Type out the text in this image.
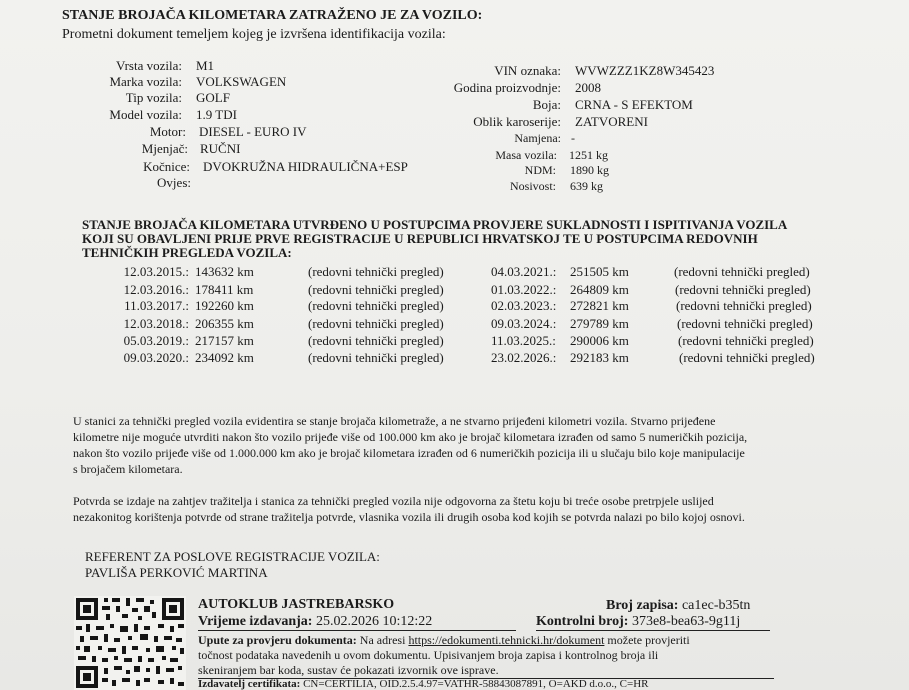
STANJE BROJAČA KILOMETARA ZATRAŽENO JE ZA VOZILO:
Prometni dokument temeljem kojeg je izvršena identifikacija vozila:
Vrsta vozila: M1
Marka vozila: VOLKSWAGEN
Tip vozila: GOLF
Model vozila: 1.9 TDI
Motor: DIESEL - EURO IV
Mjenjač: RUČNI
Kočnice: DVOKRUŽNA HIDRAULIČNA+ESP
Ovjes:
VIN oznaka: WVWZZZ1KZ8W345423
Godina proizvodnje: 2008
Boja: CRNA - S EFEKTOM
Oblik karoserije: ZATVORENI
Namjena: -
Masa vozila: 1251 kg
NDM: 1890 kg
Nosivost: 639 kg
STANJE BROJAČA KILOMETARA UTVRĐENO U POSTUPCIMA PROVJERE SUKLADNOSTI I ISPITIVANJA VOZILA
KOJI SU OBAVLJENI PRIJE PRVE REGISTRACIJE U REPUBLICI HRVATSKOJ TE U POSTUPCIMA REDOVNIH
TEHNIČKIH PREGLEDA VOZILA:
12.03.2015.: 143632 km	(redovni tehnički pregled)
12.03.2016.: 178411 km	(redovni tehnički pregled)
11.03.2017.: 192260 km	(redovni tehnički pregled)
12.03.2018.: 206355 km	(redovni tehnički pregled)
05.03.2019.: 217157 km	(redovni tehnički pregled)
09.03.2020.: 234092 km	(redovni tehnički pregled)
04.03.2021.: 251505 km	(redovni tehnički pregled)
01.03.2022.: 264809 km	(redovni tehnički pregled)
02.03.2023.: 272821 km	(redovni tehnički pregled)
09.03.2024.: 279789 km	(redovni tehnički pregled)
11.03.2025.: 290006 km	(redovni tehnički pregled)
23.02.2026.: 292183 km	(redovni tehnički pregled)
U stanici za tehnički pregled vozila evidentira se stanje brojača kilometraže, a ne stvarno prijeđeni kilometri vozila. Stvarno prijeđene
kilometre nije moguće utvrditi nakon što vozilo prijeđe više od 100.000 km ako je brojač kilometara izrađen od samo 5 numeričkih pozicija,
nakon što vozilo prijeđe više od 1.000.000 km ako je brojač kilometara izrađen od 6 numeričkih pozicija ili u slučaju bilo koje manipulacije
s brojačem kilometara.
Potvrda se izdaje na zahtjev tražitelja i stanica za tehnički pregled vozila nije odgovorna za štetu koju bi treće osobe pretrpjele uslijed
nezakonitog korištenja potvrde od strane tražitelja potvrde, vlasnika vozila ili drugih osoba kod kojih se potvrda nalazi po bilo kojoj osnovi.
REFERENT ZA POSLOVE REGISTRACIJE VOZILA:
PAVLIŠA PERKOVIĆ MARTINA
AUTOKLUB JASTREBARSKO	Broj zapisa: ca1ec-b35tn
Vrijeme izdavanja: 25.02.2026 10:12:22	Kontrolni broj: 373e8-bea63-9g11j
Upute za provjeru dokumenta: Na adresi https://edokumenti.tehnicki.hr/dokument možete provjeriti
točnost podataka navedenih u ovom dokumentu. Upisivanjem broja zapisa i kontrolnog broja ili
skeniranjem bar koda, sustav će pokazati izvornik ove isprave.
Izdavatelj certifikata: CN=CERTILIA, OID.2.5.4.97=VATHR-58843087891, O=AKD d.o.o., C=HR
